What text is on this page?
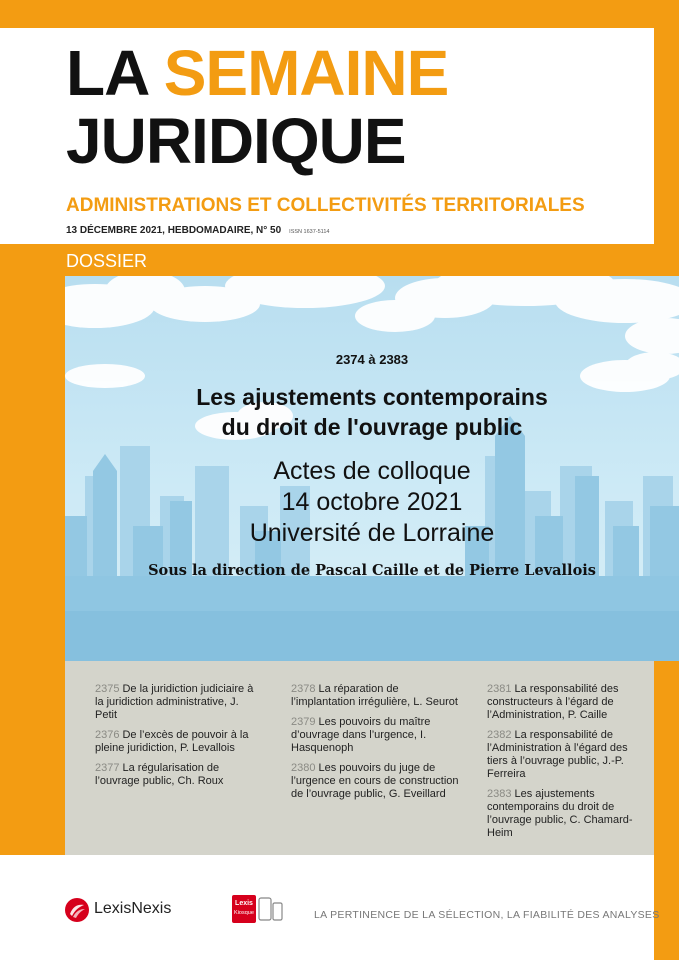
LA SEMAINE
JURIDIQUE
ADMINISTRATIONS ET COLLECTIVITÉS TERRITORIALES
13 DÉCEMBRE 2021, HEBDOMADAIRE, N° 50 ISSN 1637-5114
DOSSIER
2374 à 2383
Les ajustements contemporains
du droit de l'ouvrage public
Actes de colloque
14 octobre 2021
Université de Lorraine
Sous la direction de Pascal Caille et de Pierre Levallois
2375 De la juridiction judiciaire à la juridiction administrative, J. Petit
2376 De l’excès de pouvoir à la pleine juridiction, P. Levallois
2377 La régularisation de l’ouvrage public, Ch. Roux
2378 La réparation de l’implantation irrégulière, L. Seurot
2379 Les pouvoirs du maître d’ouvrage dans l’urgence, I. Hasquenoph
2380 Les pouvoirs du juge de l’urgence en cours de construction de l’ouvrage public, G. Eveillard
2381 La responsabilité des constructeurs à l’égard de l’Administration, P. Caille
2382 La responsabilité de l’Administration à l’égard des tiers à l’ouvrage public, J.-P. Ferreira
2383 Les ajustements contemporains du droit de l’ouvrage public, C. Chamard-Heim
LexisNexis	Lexis
Kiosque	LA PERTINENCE DE LA SÉLECTION, LA FIABILITÉ DES ANALYSES
